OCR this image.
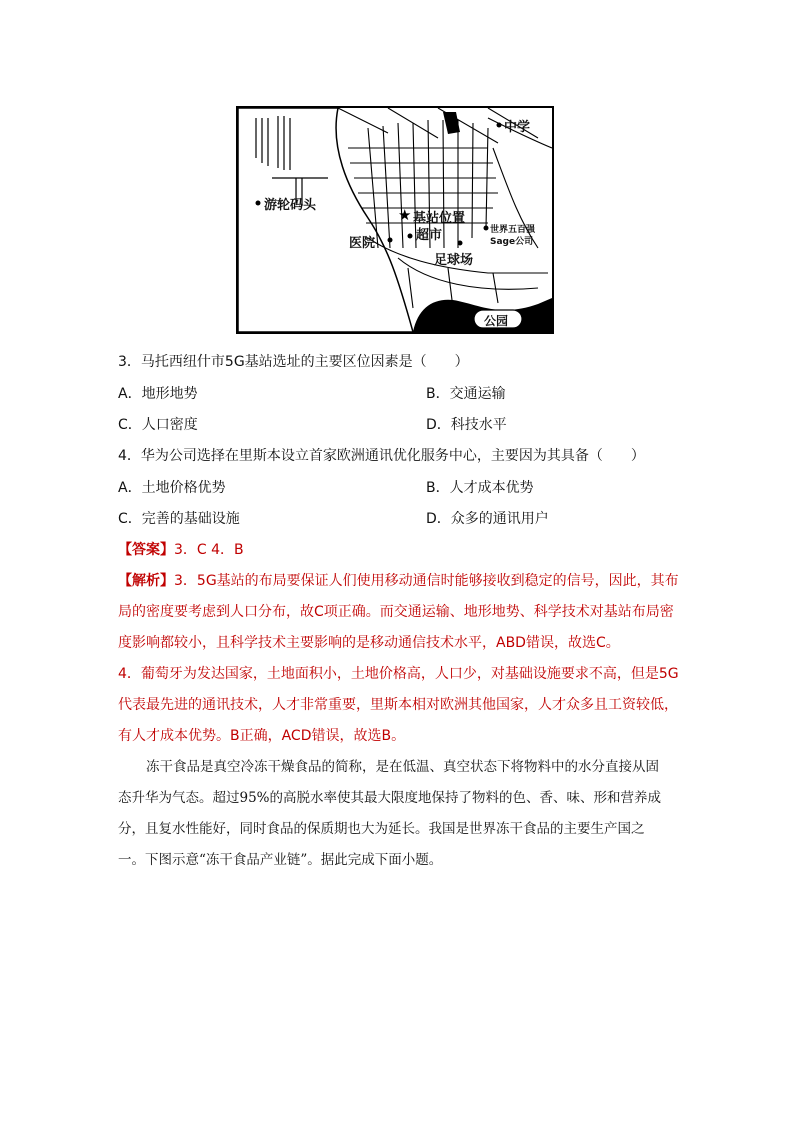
★
中学
游轮码头
基站位置
医院
超市	世界五百强
Sage公司
足球场
公园
3．马托西纽什市5G基站选址的主要区位因素是（　　）
A．地形地势	B．交通运输
C．人口密度	D．科技水平
4．华为公司选择在里斯本设立首家欧洲通讯优化服务中心，主要因为其具备（　　）
A．土地价格优势	B．人才成本优势
C．完善的基础设施	D．众多的通讯用户
【答案】3．C 4．B
【解析】3．5G基站的布局要保证人们使用移动通信时能够接收到稳定的信号，因此，其布
局的密度要考虑到人口分布，故C项正确。而交通运输、地形地势、科学技术对基站布局密
度影响都较小，且科学技术主要影响的是移动通信技术水平，ABD错误，故选C。
4．葡萄牙为发达国家，土地面积小，土地价格高，人口少，对基础设施要求不高，但是5G
代表最先进的通讯技术，人才非常重要，里斯本相对欧洲其他国家，人才众多且工资较低，
有人才成本优势。B正确，ACD错误，故选B。
冻干食品是真空冷冻干燥食品的简称，是在低温、真空状态下将物料中的水分直接从固
态升华为气态。超过95%的高脱水率使其最大限度地保持了物料的色、香、味、形和营养成
分，且复水性能好，同时食品的保质期也大为延长。我国是世界冻干食品的主要生产国之
一。下图示意“冻干食品产业链”。据此完成下面小题。
